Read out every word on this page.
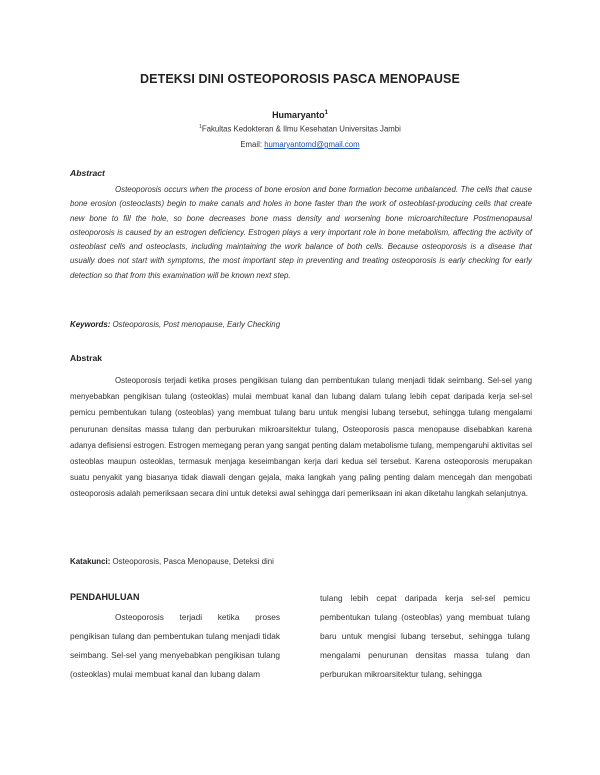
DETEKSI DINI OSTEOPOROSIS PASCA MENOPAUSE
Humaryanto$^1$
$^1$Fakultas Kedokteran & Ilmu Kesehatan Universitas Jambi
Email: humaryantomd@gmail.com
Abstract
Osteoporosis occurs when the process of bone erosion and bone formation become unbalanced. The cells that cause bone erosion (osteoclasts) begin to make canals and holes in bone faster than the work of osteoblast-producing cells that create new bone to fill the hole, so bone decreases bone mass density and worsening bone microarchitecture Postmenopausal osteoporosis is caused by an estrogen deficiency. Estrogen plays a very important role in bone metabolism, affecting the activity of osteoblast cells and osteoclasts, including maintaining the work balance of both cells. Because osteoporosis is a disease that usually does not start with symptoms, the most important step in preventing and treating osteoporosis is early checking for early detection so that from this examination will be known next step.
Keywords: Osteoporosis, Post menopause, Early Checking
Abstrak
Osteoporosis terjadi ketika proses pengikisan tulang dan pembentukan tulang menjadi tidak seimbang. Sel-sel yang menyebabkan pengikisan tulang (osteoklas) mulai membuat kanal dan lubang dalam tulang lebih cepat daripada kerja sel-sel pemicu pembentukan tulang (osteoblas) yang membuat tulang baru untuk mengisi lubang tersebut, sehingga tulang mengalami penurunan densitas massa tulang dan perburukan mikroarsitektur tulang, Osteoporosis pasca menopause disebabkan karena adanya defisiensi estrogen. Estrogen memegang peran yang sangat penting dalam metabolisme tulang, mempengaruhi aktivitas sel osteoblas maupun osteoklas, termasuk menjaga keseimbangan kerja dari kedua sel tersebut. Karena osteoporosis merupakan suatu penyakit yang biasanya tidak diawali dengan gejala, maka langkah yang paling penting dalam mencegah dan mengobati osteoporosis adalah pemeriksaan secara dini untuk deteksi awal sehingga dari pemeriksaan ini akan diketahu langkah selanjutnya.
Katakunci: Osteoporosis, Pasca Menopause, Deteksi dini
PENDAHULUAN
Osteoporosis terjadi ketika proses pengikisan tulang dan pembentukan tulang menjadi tidak seimbang. Sel-sel yang menyebabkan pengikisan tulang (osteoklas) mulai membuat kanal dan lubang dalam
tulang lebih cepat daripada kerja sel-sel pemicu pembentukan tulang (osteoblas) yang membuat tulang baru untuk mengisi lubang tersebut, sehingga tulang mengalami penurunan densitas massa tulang dan perburukan mikroarsitektur tulang, sehingga
